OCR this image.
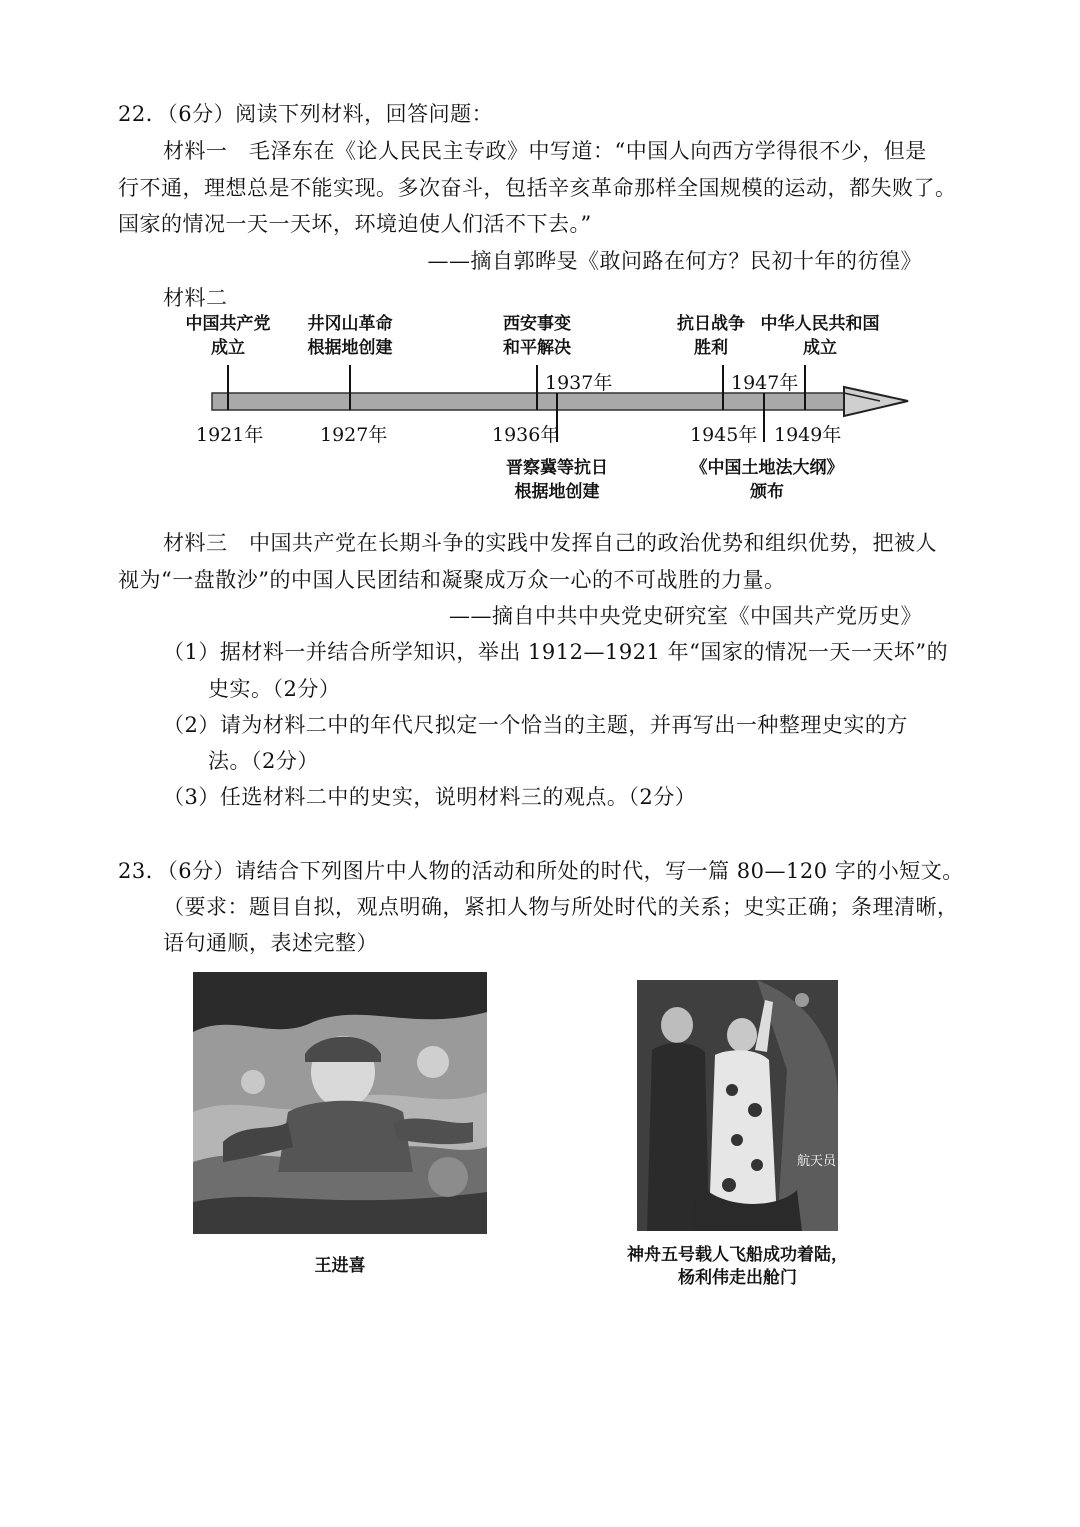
22．（6分）阅读下列材料，回答问题：
材料一　毛泽东在《论人民民主专政》中写道：“中国人向西方学得很不少，但是
行不通，理想总是不能实现。多次奋斗，包括辛亥革命那样全国规模的运动，都失败了。
国家的情况一天一天坏，环境迫使人们活不下去。”
——摘自郭晔旻《敢问路在何方？民初十年的彷徨》
材料二
中国共产党
成立
井冈山革命
根据地创建
西安事变
和平解决
抗日战争
胜利
中华人民共和国
成立
1937年	1947年
1921年	1927年	1936年	1945年 1949年
晋察冀等抗日
根据地创建
《中国土地法大纲》
颁布
材料三　中国共产党在长期斗争的实践中发挥自己的政治优势和组织优势，把被人
视为“一盘散沙”的中国人民团结和凝聚成万众一心的不可战胜的力量。
——摘自中共中央党史研究室《中国共产党历史》
（1）据材料一并结合所学知识，举出 1912—1921 年“国家的情况一天一天坏”的
史实。（2分）
（2）请为材料二中的年代尺拟定一个恰当的主题，并再写出一种整理史实的方
法。（2分）
（3）任选材料二中的史实，说明材料三的观点。（2分）
23．（6分）请结合下列图片中人物的活动和所处的时代，写一篇 80—120 字的小短文。
（要求：题目自拟，观点明确，紧扣人物与所处时代的关系；史实正确；条理清晰，
语句通顺，表述完整）
王进喜
航天员
神舟五号载人飞船成功着陆，
杨利伟走出舱门
